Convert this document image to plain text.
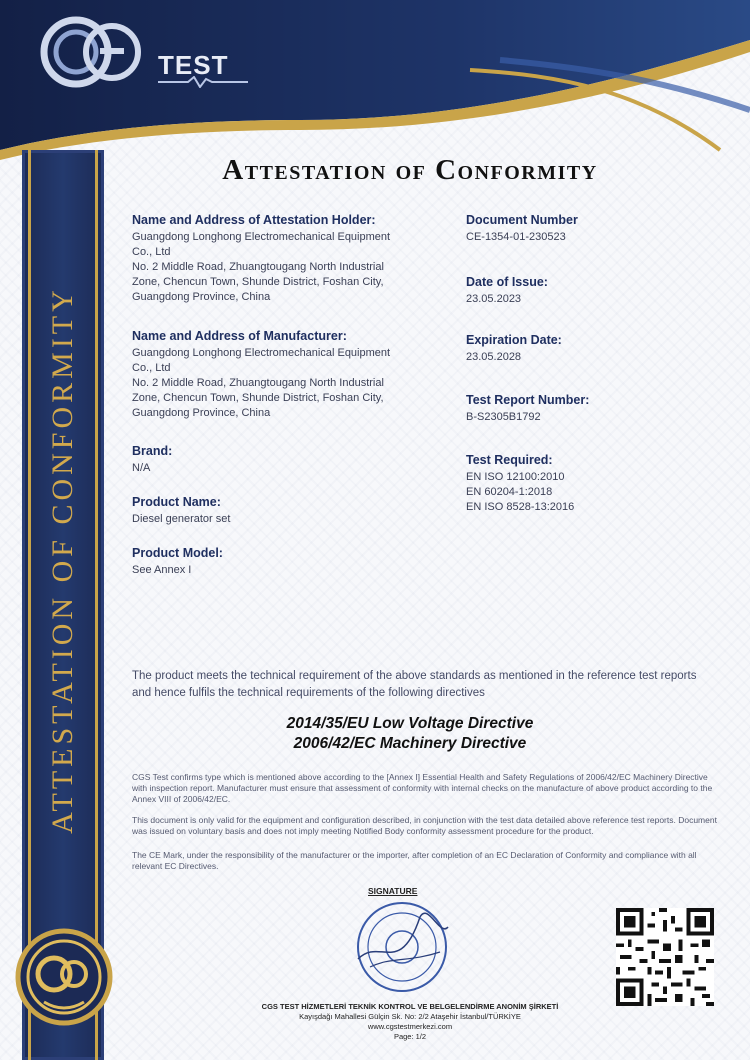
TEST
ATTESTATION OF CONFORMITY
Attestation of Conformity
Name and Address of Attestation Holder:
Guangdong Longhong Electromechanical Equipment
Co., Ltd
No. 2 Middle Road, Zhuangtougang North Industrial
Zone, Chencun Town, Shunde District, Foshan City,
Guangdong Province, China
Name and Address of Manufacturer:
Guangdong Longhong Electromechanical Equipment
Co., Ltd
No. 2 Middle Road, Zhuangtougang North Industrial
Zone, Chencun Town, Shunde District, Foshan City,
Guangdong Province, China
Brand:
N/A
Product Name:
Diesel generator set
Product Model:
See Annex I
Document Number
CE-1354-01-230523
Date of Issue:
23.05.2023
Expiration Date:
23.05.2028
Test Report Number:
B-S2305B1792
Test Required:
EN ISO 12100:2010
EN 60204-1:2018
EN ISO 8528-13:2016
The product meets the technical requirement of the above standards as mentioned in the reference test reports and hence fulfils the technical requirements of the following directives
2014/35/EU Low Voltage Directive
2006/42/EC Machinery Directive
CGS Test confirms type which is mentioned above according to the [Annex I] Essential Health and Safety Regulations of 2006/42/EC Machinery Directive with inspection report. Manufacturer must ensure that assessment of conformity with internal checks on the manufacture of above product according to the Annex VIII of 2006/42/EC.
This document is only valid for the equipment and configuration described, in conjunction with the test data detailed above reference test reports. Document was issued on voluntary basis and does not imply meeting Notified Body conformity assessment procedure for the product.
The CE Mark, under the responsibility of the manufacturer or the importer, after completion of an EC Declaration of Conformity and compliance with all relevant EC Directives.
SIGNATURE
CGS TEST HİZMETLERİ TEKNİK KONTROL VE BELGELENDİRME ANONİM ŞİRKETİ
Kayışdağı Mahallesi Gülçin Sk. No: 2/2 Ataşehir İstanbul/TÜRKİYE
www.cgstestmerkezi.com
Page: 1/2
